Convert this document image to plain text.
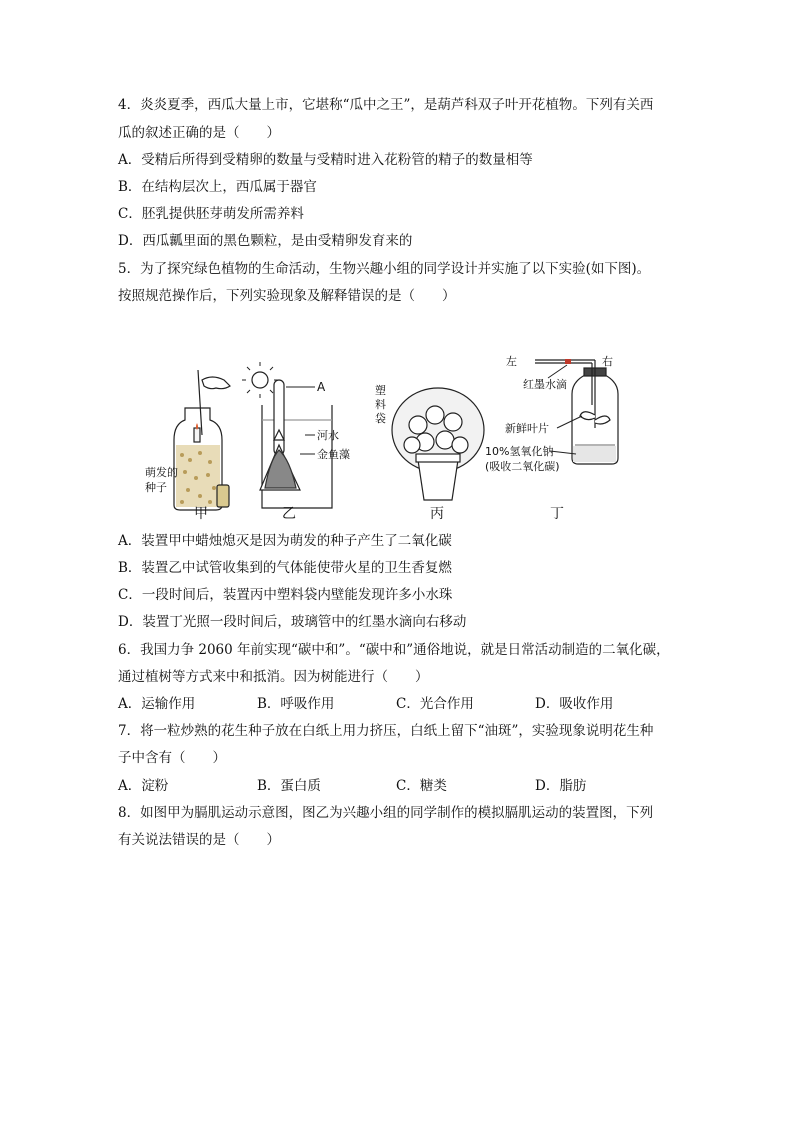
4．炎炎夏季，西瓜大量上市，它堪称“瓜中之王”，是葫芦科双子叶开花植物。下列有关西
瓜的叙述正确的是（　　）
A．受精后所得到受精卵的数量与受精时进入花粉管的精子的数量相等
B．在结构层次上，西瓜属于器官
C．胚乳提供胚芽萌发所需养料
D．西瓜瓤里面的黑色颗粒，是由受精卵发育来的
5．为了探究绿色植物的生命活动，生物兴趣小组的同学设计并实施了以下实验(如下图)。
按照规范操作后，下列实验现象及解释错误的是（　　）
萌发的
种子
A
河水
金鱼藻
塑
料
袋
左	右
红墨水滴
新鲜叶片
10%氢氧化钠
(吸收二氧化碳)
甲	乙	丙	丁
A．装置甲中蜡烛熄灭是因为萌发的种子产生了二氧化碳
B．装置乙中试管收集到的气体能使带火星的卫生香复燃
C．一段时间后，装置丙中塑料袋内壁能发现许多小水珠
D．装置丁光照一段时间后，玻璃管中的红墨水滴向右移动
6．我国力争 2060 年前实现“碳中和”。“碳中和”通俗地说，就是日常活动制造的二氧化碳，
通过植树等方式来中和抵消。因为树能进行（　　）
A．运输作用	B．呼吸作用	C．光合作用	D．吸收作用
7．将一粒炒熟的花生种子放在白纸上用力挤压，白纸上留下“油斑”，实验现象说明花生种
子中含有（　　）
A．淀粉	B．蛋白质	C．糖类	D．脂肪
8．如图甲为膈肌运动示意图，图乙为兴趣小组的同学制作的模拟膈肌运动的装置图，下列
有关说法错误的是（　　）
